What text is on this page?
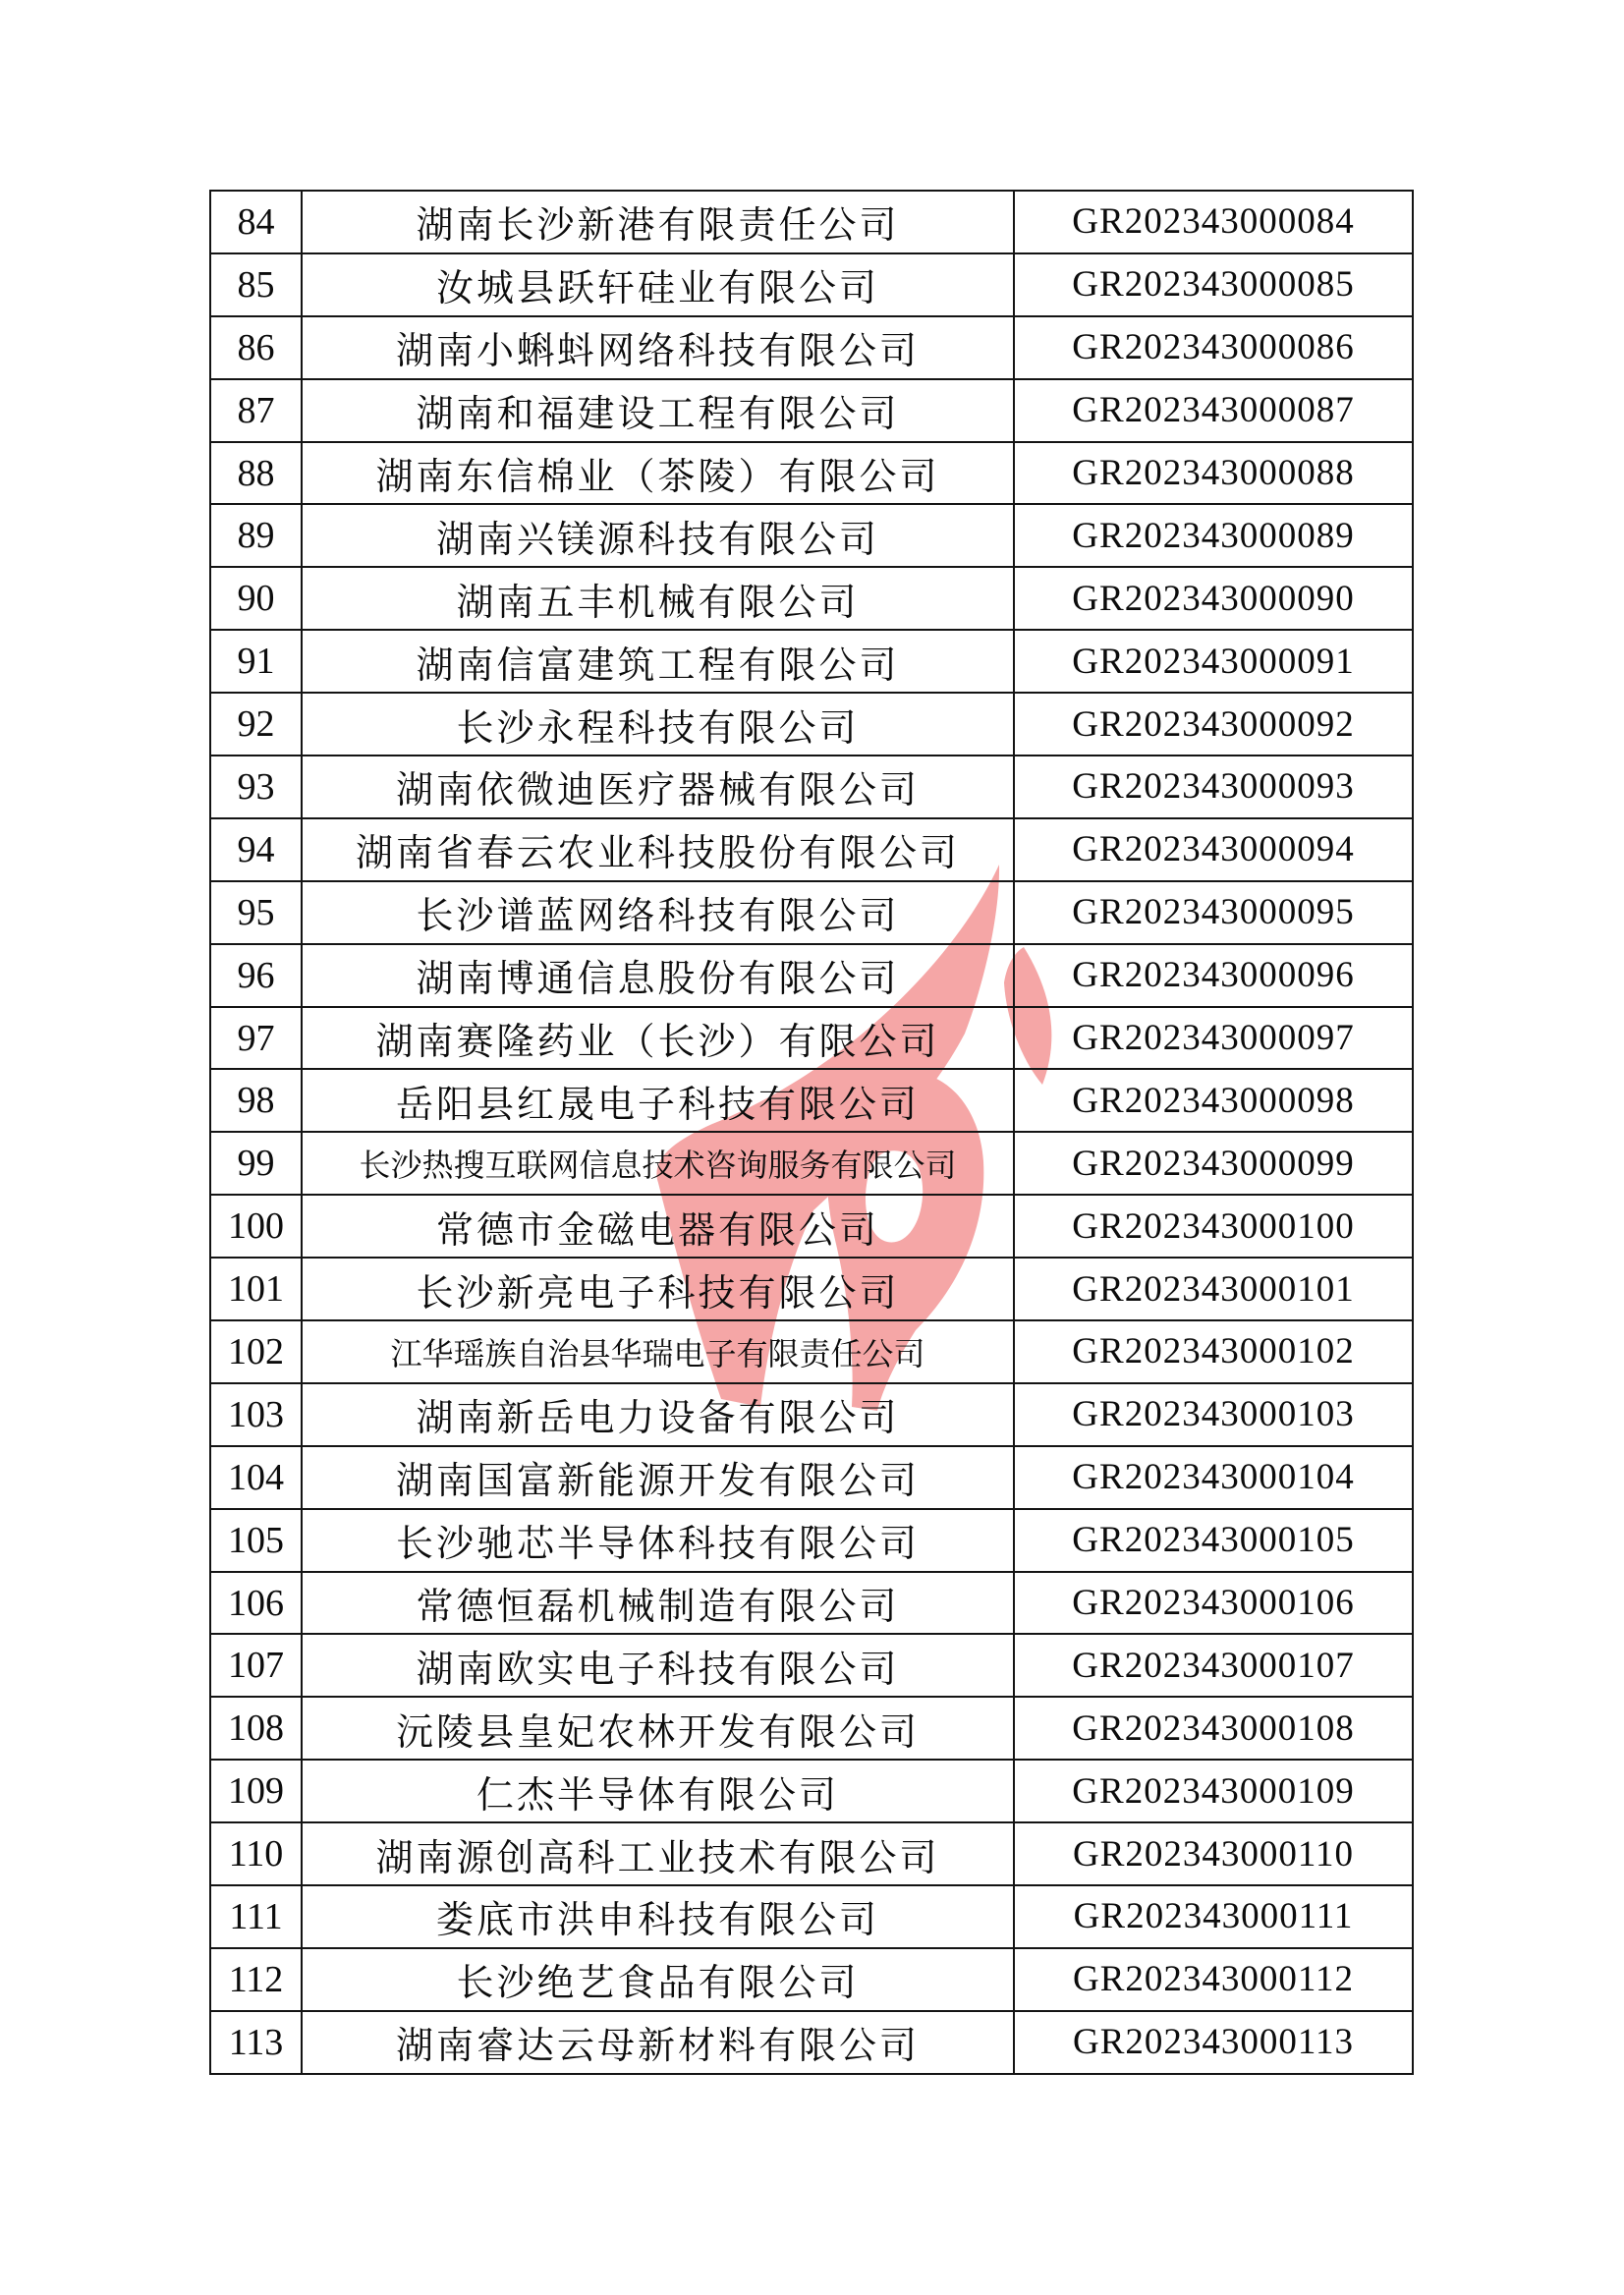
84	湖南长沙新港有限责任公司	GR202343000084
85	汝城县跃轩硅业有限公司	GR202343000085
86	湖南小蝌蚪网络科技有限公司	GR202343000086
87	湖南和福建设工程有限公司	GR202343000087
88	湖南东信棉业（茶陵）有限公司	GR202343000088
89	湖南兴镁源科技有限公司	GR202343000089
90	湖南五丰机械有限公司	GR202343000090
91	湖南信富建筑工程有限公司	GR202343000091
92	长沙永程科技有限公司	GR202343000092
93	湖南依微迪医疗器械有限公司	GR202343000093
94	湖南省春云农业科技股份有限公司	GR202343000094
95	长沙谱蓝网络科技有限公司	GR202343000095
96	湖南博通信息股份有限公司	GR202343000096
97	湖南赛隆药业（长沙）有限公司	GR202343000097
98	岳阳县红晟电子科技有限公司	GR202343000098
99	长沙热搜互联网信息技术咨询服务有限公司	GR202343000099
100	常德市金磁电器有限公司	GR202343000100
101	长沙新亮电子科技有限公司	GR202343000101
102	江华瑶族自治县华瑞电子有限责任公司	GR202343000102
103	湖南新岳电力设备有限公司	GR202343000103
104	湖南国富新能源开发有限公司	GR202343000104
105	长沙驰芯半导体科技有限公司	GR202343000105
106	常德恒磊机械制造有限公司	GR202343000106
107	湖南欧实电子科技有限公司	GR202343000107
108	沅陵县皇妃农林开发有限公司	GR202343000108
109	仁杰半导体有限公司	GR202343000109
110	湖南源创高科工业技术有限公司	GR202343000110
111	娄底市洪申科技有限公司	GR202343000111
112	长沙绝艺食品有限公司	GR202343000112
113	湖南睿达云母新材料有限公司	GR202343000113
